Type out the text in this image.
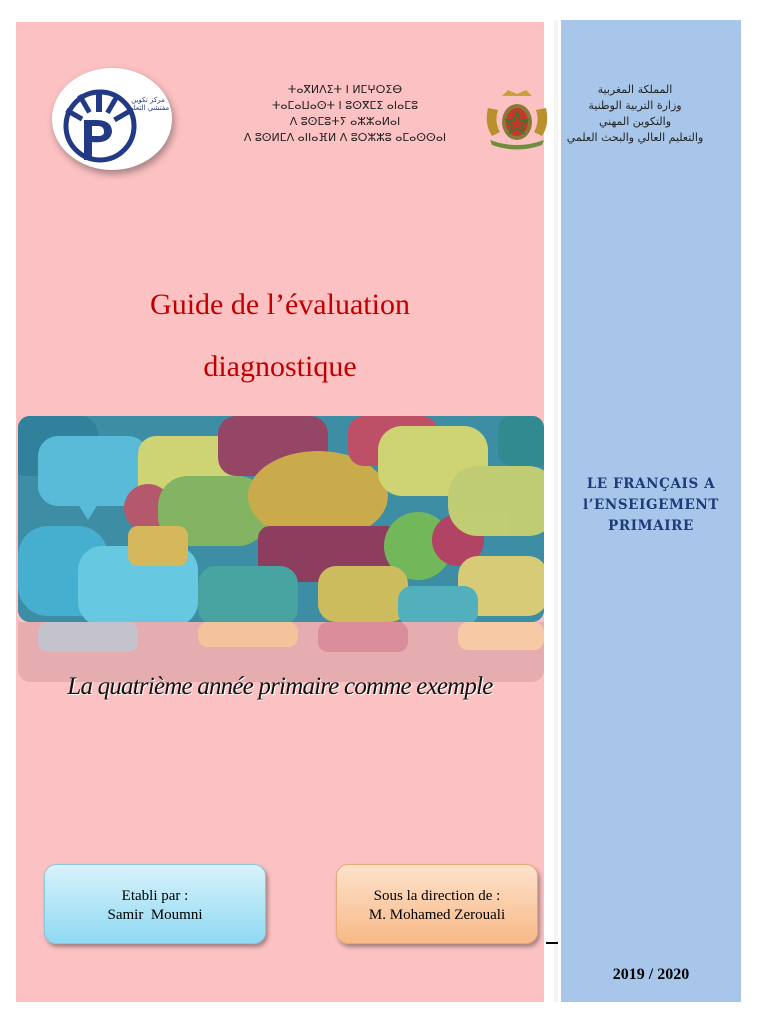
مركز تكوين
مفتشي التعليم
ⵜⴰⴳⵍⴷⵉⵜ ⵏ ⵍⵎⵖⵔⵉⴱ
ⵜⴰⵎⴰⵡⴰⵙⵜ ⵏ ⵓⵙⴳⵎⵉ ⴰⵏⴰⵎⵓ
ⴷ ⵓⵙⵎⵓⵜⵢ ⴰⵣⵣⴰⵍⴰⵏ
ⴷ ⵓⵙⵍⵎⴷ ⴰⵏⵏⴰⴼⵍ ⴷ ⵓⵔⵣⵣⵓ ⴰⵎⴰⵙⵙⴰⵏ
المملكة المغربية
وزارة التربية الوطنية
والتكوين المهني
والتعليم العالي والبحث العلمي
Guide de l’évaluation
diagnostique
La quatrième année primaire comme exemple
Etabli par :
Samir  Moumni
Sous la direction de :
M. Mohamed Zerouali
LE FRANÇAIS A
l’ENSEIGEMENT
PRIMAIRE
2019 / 2020
